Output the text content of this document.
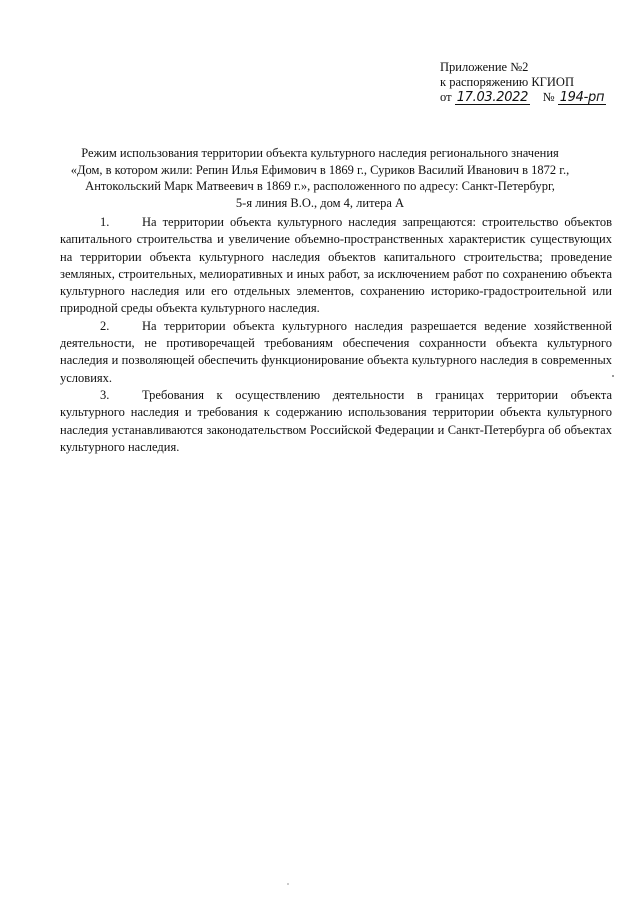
Приложение №2
к распоряжению КГИОП
от 17.03.2022 № 194-рп
Режим использования территории объекта культурного наследия регионального значения
«Дом, в котором жили: Репин Илья Ефимович в 1869 г., Суриков Василий Иванович в 1872 г.,
Антокольский Марк Матвеевич в 1869 г.», расположенного по адресу: Санкт-Петербург,
5-я линия В.О., дом 4, литера А

1.	На территории объекта культурного наследия запрещаются: строительство объектов капитального строительства и увеличение объемно-пространственных характеристик существующих на территории объекта культурного наследия объектов капитального строительства; проведение земляных, строительных, мелиоративных и иных работ, за исключением работ по сохранению объекта культурного наследия или его отдельных элементов, сохранению историко-градостроительной или природной среды объекта культурного наследия.

2.	На территории объекта культурного наследия разрешается ведение хозяйственной деятельности, не противоречащей требованиям обеспечения сохранности объекта культурного наследия и позволяющей обеспечить функционирование объекта культурного наследия в современных условиях.

3.	Требования к осуществлению деятельности в границах территории объекта культурного наследия и требования к содержанию использования территории объекта культурного наследия устанавливаются законодательством Российской Федерации и Санкт-Петербурга об объектах культурного наследия.
